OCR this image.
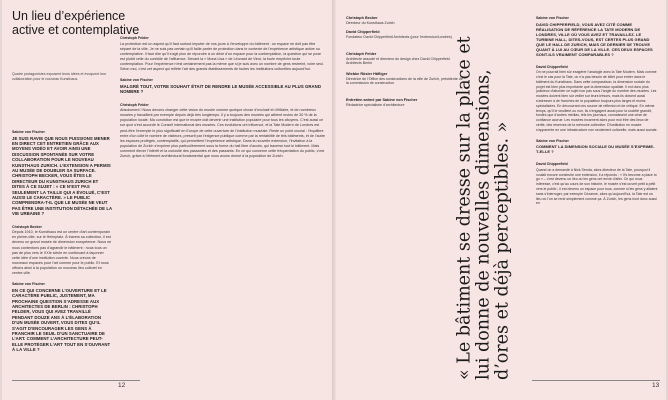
Un lieu d’expérience active et contemplative
Quatre protagonistes exposent leurs idées et évoquent leur collaboration pour le nouveau Kunsthaus.
Sabine von Fischer
JE SUIS RAVIE QUE NOUS PUISSIONS MENER EN DIRECT CET ENTRETIEN GRÂCE AUX MOYENS VIDÉO ET AVOIR AINSI UNE DISCUSSION SPONTANÉE SUR VOTRE COLLABORATION POUR LE NOUVEAU KUNSTHAUS ZURICH. L’EXTENSION A PERMIS AU MUSÉE DE DOUBLER SA SURFACE. CHRISTOPH BECKER, VOUS ÊTES LE DIRECTEUR DU KUNSTHAUS ZURICH ET DITES À CE SUJET : « CE N’EST PAS SEULEMENT LA TAILLE QUI A ÉVOLUÉ, C’EST AUSSI LE CARACTÈRE. » LE PUBLIC COMPRENDRA-T-IL QUE LE MUSÉE NE VEUT PAS ÊTRE UNE INSTITUTION DÉTACHÉE DE LA VIE URBAINE ?
Christoph Becker
Depuis 1910, le Kunsthaus est un centre d’art contemporain en pleine-ville, sur le Heimplatz. À travers sa collection, il est devenu un grand musée de dimension européenne. Nous ne nous contentons pas d’agrandir le bâtiment : nous tous un pas de plus vers le XXIe siècle en continuant à façonner cette idée d’une institution ouverte. Nous créons de nouveaux espaces pour l’art comme pour le public. Et nous offrons ainsi à la population un nouveau lieu culturel en centre-ville.
Sabine von Fischer
EN CE QUI CONCERNE L’OUVERTURE ET LE CARACTÈRE PUBLIC, JUSTEMENT, MA PROCHAINE QUESTION S’ADRESSE AUX ARCHITECTES DE BERLIN : CHRISTOPH FELDER, VOUS QUI AVEZ TRAVAILLÉ PENDANT DOUZE ANS À L’ÉLABORATION D’UN MUSÉE OUVERT, VOUS DITES QU’IL S’AGIT D’ENCOURAGER LES GENS À FRANCHIR LE SEUIL D’UN SANCTUAIRE DE L’ART. COMMENT L’ARCHITECTURE PEUT-ELLE PROTÉGER L’ART TOUT EN S’OUVRANT À LA VILLE ?
Christoph Felder
La protection est un aspect qu’il faut surtout imputer de nos jours à l’enveloppe du bâtiment : un espace ne doit pas être séparé de la ville. Je ne suis pas certain qu’il faille parler de protection dans le contexte de l’expérience artistique active ou contemplative. Il faut dire qu’il s’agit plus de répondre à un désir d’un espace pour la contemplation, la question qui se pose est plutôt celle du contrôle de l’affluence. Devant la « Mona Lisa » de Léonard de Vinci, la foule empêche toute contemplation. Pour l’expérience n’est certainement pas la même que si je suis avec un nombre de gens restreint, voire seul. Selon moi, c’est cet aspect qui reflète l’art des grands établissements de toutes les institutions culturelles aujourd’hui.
Sabine von Fischer
MALGRÉ TOUT, VOTRE SOUHAIT ÉTAIT DE RENDRE LE MUSÉE ACCESSIBLE AU PLUS GRAND NOMBRE ?
Christoph Felder
Absolument ! Nous devons changer cette vision du musée comme quelque chose d’exclusif et d’élitaire, et de nombreux musées y travaillent par exemple depuis déjà très longtemps. Il y a toujours des musées qui attirent moins de 30 % de la population locale. Ma conviction est que le musée doit devenir une institution populaire pour tous les citoyens. C’est aussi ce sur quoi s’est accordé le Conseil international des musées. Ces évolutions ont influencé, et la Tate Modern de Londres est peut-être l’exemple le plus significatif en Europe de cette ouverture de l’institution muséale. Reste un point crucial : l’équilibre entre d’un côté le nombre de visiteurs, prescrit par l’exigence publique comme par la rentabilité de tels bâtiments, et de l’autre les espaces protégés, contemplatifs, qui permettent l’expérience artistique. Dans la nouvelle extension, l’invitation à la population de Zurich s’exprime plus particulièrement sous la forme du hall libre d’accès, qui traverse tout le bâtiment. Mais comment élever l’intérêt et la curiosité des passantes et des passants. En ce qui concerne cette fréquentation du public, c’est Zurich, grâce à l’élément architectural fondamental que nous avons donné à la population de Zurich.
12
Christoph Becker
Directeur du Kunsthaus Zurich
David Chipperfield
Fondateur David Chipperfield Architects (pour l’extension/Londres)
Christoph Felder
Architecte associé et directeur du design chez David Chipperfield Architects Berlin
Wiebke Rösler Häfliger
Directrice de l’Office des constructions de la ville de Zurich, présidente de la commission de construction
Entretien animé par Sabine von Fischer
Rédactrice spécialisée d’architecture	« Le bâtiment se dresse sur la place et lui donne de nouvelles dimensions, d’ores et déjà perceptibles. »
Sabine von Fischer
DAVID CHIPPERFIELD, VOUS AVEZ CITÉ COMME RÉALISATION DE RÉFÉRENCE LA TATE MODERN DE LONDRES, VILLE OÙ VOUS AVEZ ET TRAVAILLEZ. LE TURBINE HALL, DITES-VOUS, EST CERTES PLUS GRAND QUE LE HALL DE ZURICH, MAIS CE DERNIER SE TROUVE QUANT À LUI AU CŒUR DE LA VILLE. CES DEUX ESPACES SONT-ILS VRAIMENT COMPARABLES ?
David Chipperfield
On ne pourrait bien sûr exagérer l’analogie avec la Tate Modern. Mais comme c’est le cas pour la Tate, on n’a pas besoin de billet pour entrer dans le bâtiment du Kunsthaus. Dans cette comparaison, la dimension sociale du projet est bien plus importante que la dimension spatiale. Il est donc plus judicieux d’aborder ce sujet non pas sous l’angle du nombre des musées. Les musées doivent bien sûr veiller sur leurs trésors, mais ils doivent aussi s’adresser à de franches de la population toujours plus larges et moins spécialisées. En découvrant ces source de réflexion et de critique. En même temps, qu’il le veuillent ou non, ils s’engagent aussi pour la société grandit, fondés que d’autres médias, tels les journaux, connaissent une crise de confiance accrue. Les musées incarnent alors pour moi être des lieux de vérité, des réserves de la mémoire collective. D’institution en musée s’apparente en une infrastructure non seulement culturelle, mais aussi sociale.
Sabine von Fischer
COMMENT LA DIMENSION SOCIALE DU MUSÉE S’EXPRIME-T-ELLE ?
David Chipperfield
Quand on a demandé à Nick Serota, alors directeur de la Tate, pourquoi il voulait encore construire une extension, il a répondu : « Il’s become a place to go » – c’est devenu un lieu où les gens ont envie d’aller. Ce qui nous intéresse, c’est qu’au cours de son histoire, le musée s’est ouvert petit à petit vers le public ; il est devenu un espace pour tous, comme si les gens y allaient sans s’interroger, par exemple Cézanne, alors qu’aujourd’hui, la Tate est un lieu où l’on se rend simplement comme ça. À Zurich, les gens iront donc aussi en
13
